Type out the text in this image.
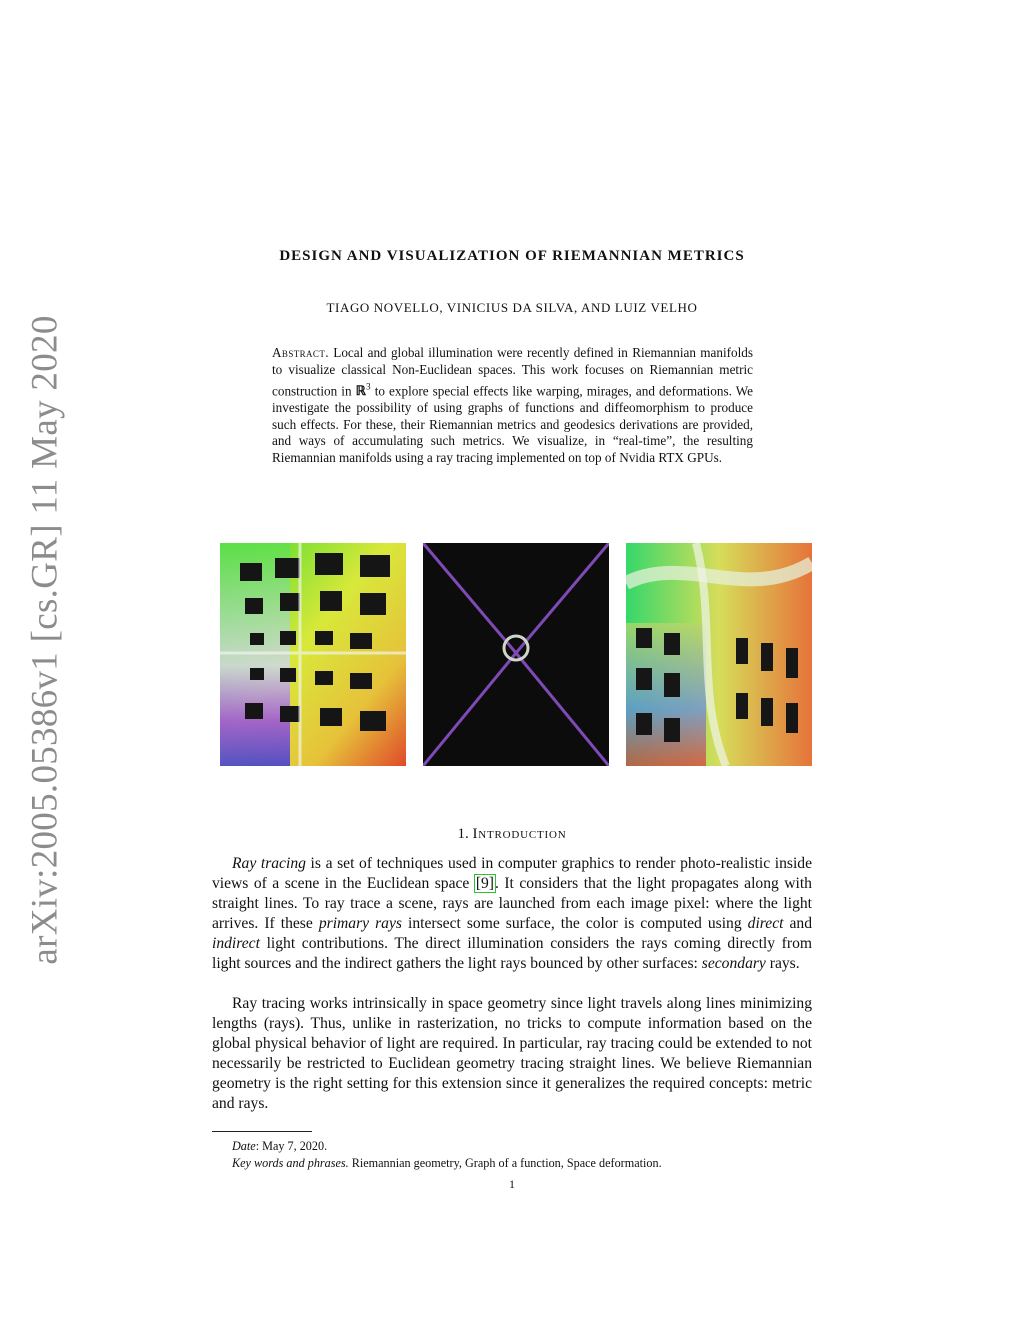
arXiv:2005.05386v1 [cs.GR] 11 May 2020
DESIGN AND VISUALIZATION OF RIEMANNIAN METRICS
TIAGO NOVELLO, VINICIUS DA SILVA, AND LUIZ VELHO
Abstract. Local and global illumination were recently defined in Riemannian manifolds to visualize classical Non-Euclidean spaces. This work focuses on Riemannian metric construction in ℝ$^3$ to explore special effects like warping, mirages, and deformations. We investigate the possibility of using graphs of functions and diffeomorphism to produce such effects. For these, their Riemannian metrics and geodesics derivations are provided, and ways of accumulating such metrics. We visualize, in “real-time”, the resulting Riemannian manifolds using a ray tracing implemented on top of Nvidia RTX GPUs.
1. Introduction

Ray tracing is a set of techniques used in computer graphics to render photo-realistic inside views of a scene in the Euclidean space [9]. It considers that the light propagates along with straight lines. To ray trace a scene, rays are launched from each image pixel: where the light arrives. If these primary rays intersect some surface, the color is computed using direct and indirect light contributions. The direct illumination considers the rays coming directly from light sources and the indirect gathers the light rays bounced by other surfaces: secondary rays.

Ray tracing works intrinsically in space geometry since light travels along lines minimizing lengths (rays). Thus, unlike in rasterization, no tricks to compute information based on the global physical behavior of light are required. In particular, ray tracing could be extended to not necessarily be restricted to Euclidean geometry tracing straight lines. We believe Riemannian geometry is the right setting for this extension since it generalizes the required concepts: metric and rays.

Date: May 7, 2020.
Key words and phrases. Riemannian geometry, Graph of a function, Space deformation.
1
